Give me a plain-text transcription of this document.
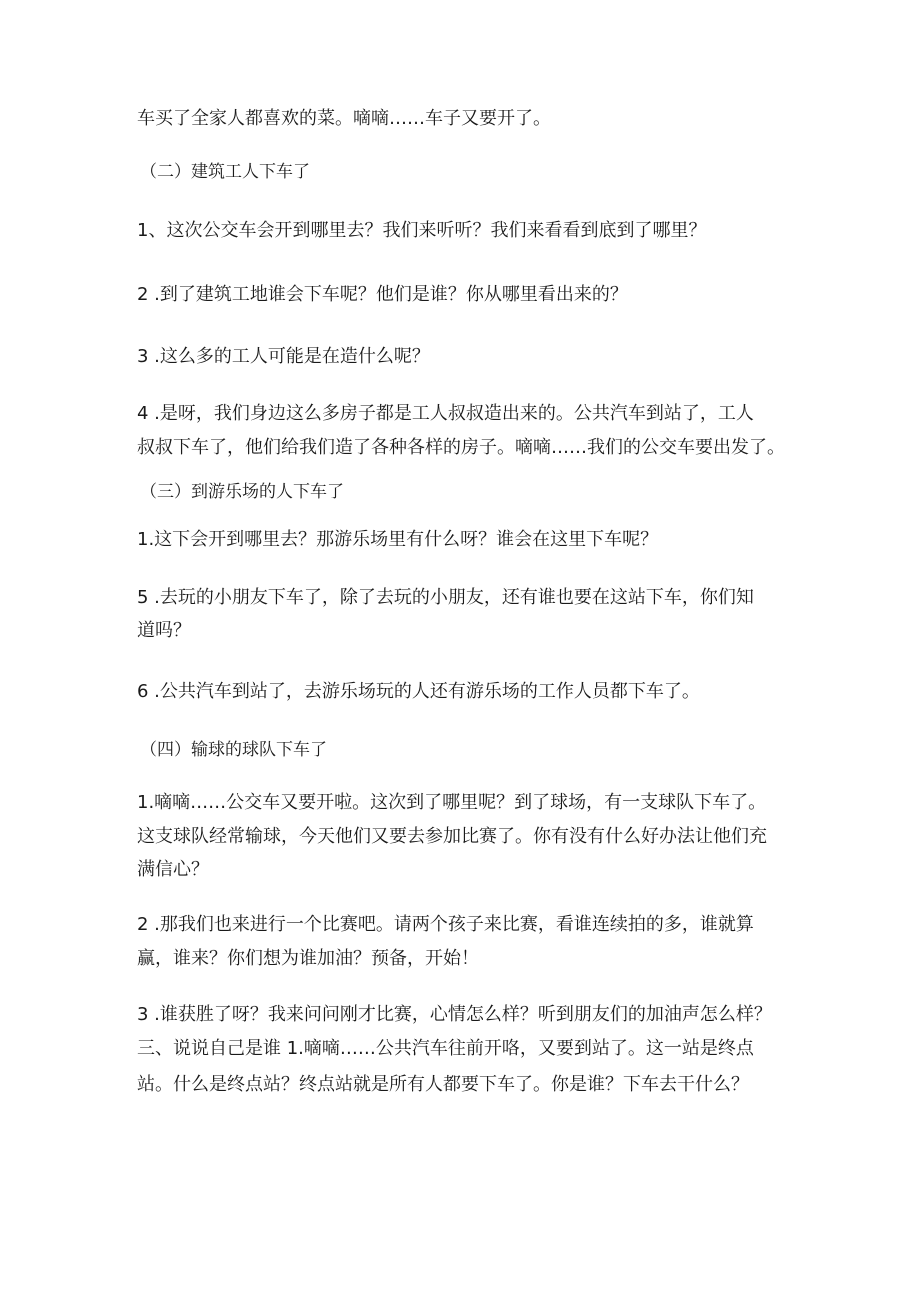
车买了全家人都喜欢的菜。嘀嘀……车子又要开了。

（二）建筑工人下车了

1、这次公交车会开到哪里去？我们来听听？我们来看看到底到了哪里？

2 .到了建筑工地谁会下车呢？他们是谁？你从哪里看出来的？

3 .这么多的工人可能是在造什么呢？

4 .是呀，我们身边这么多房子都是工人叔叔造出来的。公共汽车到站了，工人

叔叔下车了，他们给我们造了各种各样的房子。嘀嘀……我们的公交车要出发了。

（三）到游乐场的人下车了

1.这下会开到哪里去？那游乐场里有什么呀？谁会在这里下车呢？

5 .去玩的小朋友下车了，除了去玩的小朋友，还有谁也要在这站下车，你们知

道吗？

6 .公共汽车到站了，去游乐场玩的人还有游乐场的工作人员都下车了。

（四）输球的球队下车了

1.嘀嘀……公交车又要开啦。这次到了哪里呢？到了球场，有一支球队下车了。

这支球队经常输球，今天他们又要去参加比赛了。你有没有什么好办法让他们充

满信心？

2 .那我们也来进行一个比赛吧。请两个孩子来比赛，看谁连续拍的多，谁就算

赢，谁来？你们想为谁加油？预备，开始！

3 .谁获胜了呀？我来问问刚才比赛，心情怎么样？听到朋友们的加油声怎么样？

三、说说自己是谁 1.嘀嘀……公共汽车往前开咯，又要到站了。这一站是终点

站。什么是终点站？终点站就是所有人都要下车了。你是谁？下车去干什么？
